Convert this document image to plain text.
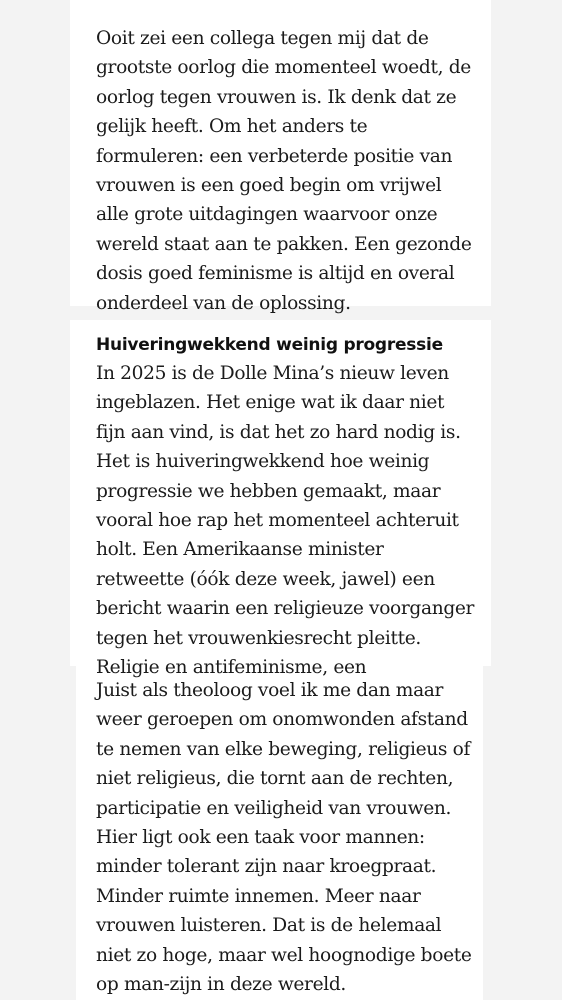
Ooit zei een collega tegen mij dat de
grootste oorlog die momenteel woedt, de
oorlog tegen vrouwen is. Ik denk dat ze
gelijk heeft. Om het anders te
formuleren: een verbeterde positie van
vrouwen is een goed begin om vrijwel
alle grote uitdagingen waarvoor onze
wereld staat aan te pakken. Een gezonde
dosis goed feminisme is altijd en overal
onderdeel van de oplossing.

Huiveringwekkend weinig progressie

In 2025 is de Dolle Mina’s nieuw leven
ingeblazen. Het enige wat ik daar niet
fijn aan vind, is dat het zo hard nodig is.
Het is huiveringwekkend hoe weinig
progressie we hebben gemaakt, maar
vooral hoe rap het momenteel achteruit
holt. Een Amerikaanse minister
retweette (óók deze week, jawel) een
bericht waarin een religieuze voorganger
tegen het vrouwenkiesrecht pleitte.
Religie en antifeminisme, een

Juist als theoloog voel ik me dan maar
weer geroepen om onomwonden afstand
te nemen van elke beweging, religieus of
niet religieus, die tornt aan de rechten,
participatie en veiligheid van vrouwen.
Hier ligt ook een taak voor mannen:
minder tolerant zijn naar kroegpraat.
Minder ruimte innemen. Meer naar
vrouwen luisteren. Dat is de helemaal
niet zo hoge, maar wel hoognodige boete
op man-zijn in deze wereld.
